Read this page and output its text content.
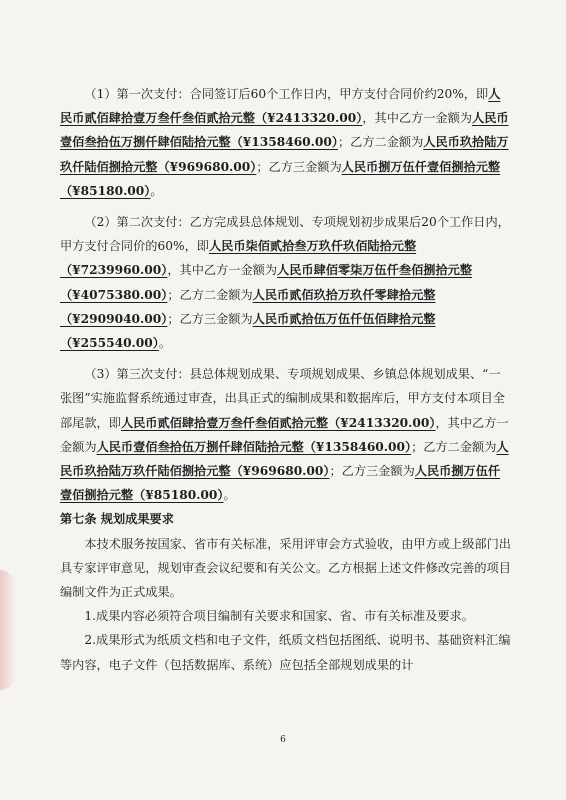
（1）第一次支付：合同签订后60个工作日内，甲方支付合同价约20%，即人民币贰佰肆拾壹万叁仟叁佰贰拾元整（¥2413320.00），其中乙方一金额为人民币壹佰叁拾伍万捌仟肆佰陆拾元整（¥1358460.00）；乙方二金额为人民币玖拾陆万玖仟陆佰捌拾元整（¥969680.00）；乙方三金额为人民币捌万伍仟壹佰捌拾元整（¥85180.00）。

（2）第二次支付：乙方完成县总体规划、专项规划初步成果后20个工作日内，甲方支付合同价的60%，即人民币柒佰贰拾叁万玖仟玖佰陆拾元整（¥7239960.00），其中乙方一金额为人民币肆佰零柒万伍仟叁佰捌拾元整（¥4075380.00）；乙方二金额为人民币贰佰玖拾万玖仟零肆拾元整（¥2909040.00）；乙方三金额为人民币贰拾伍万伍仟伍佰肆拾元整（¥255540.00）。

（3）第三次支付：县总体规划成果、专项规划成果、乡镇总体规划成果、“一张图”实施监督系统通过审查，出具正式的编制成果和数据库后，甲方支付本项目全部尾款，即人民币贰佰肆拾壹万叁仟叁佰贰拾元整（¥2413320.00），其中乙方一金额为人民币壹佰叁拾伍万捌仟肆佰陆拾元整（¥1358460.00）；乙方二金额为人民币玖拾陆万玖仟陆佰捌拾元整（¥969680.00）；乙方三金额为人民币捌万伍仟壹佰捌拾元整（¥85180.00）。

第七条 规划成果要求

本技术服务按国家、省市有关标准，采用评审会方式验收，由甲方或上级部门出具专家评审意见，规划审查会议纪要和有关公文。乙方根据上述文件修改完善的项目编制文件为正式成果。

1.成果内容必须符合项目编制有关要求和国家、省、市有关标准及要求。

2.成果形式为纸质文档和电子文件，纸质文档包括图纸、说明书、基础资料汇编等内容，电子文件（包括数据库、系统）应包括全部规划成果的计

6
